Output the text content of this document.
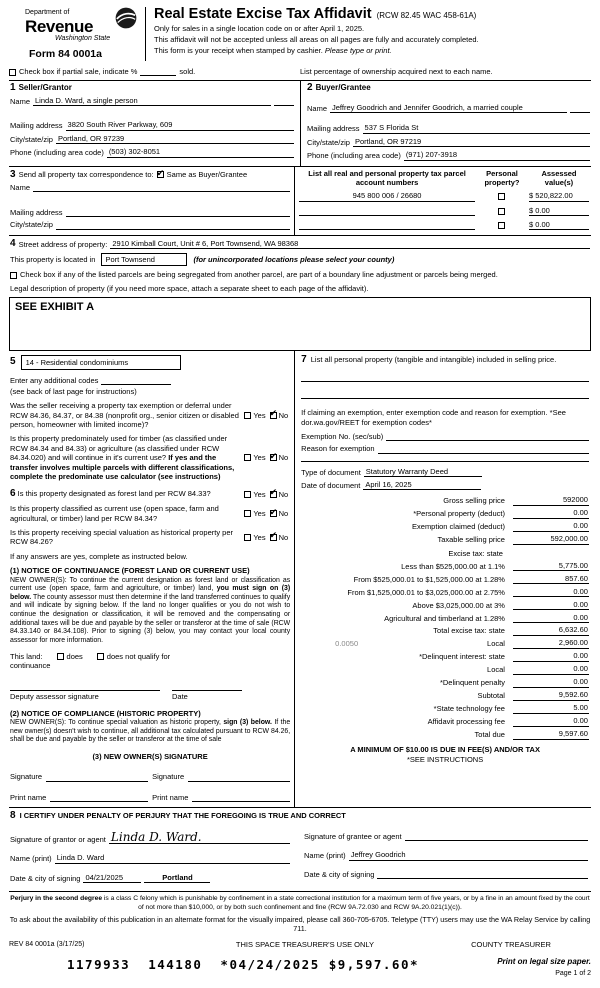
Department of
Revenue
Washington State
Form 84 0001a
Real Estate Excise Tax Affidavit (RCW 82.45 WAC 458-61A)
Only for sales in a single location code on or after April 1, 2025.
This affidavit will not be accepted unless all areas on all pages are fully and accurately completed.
This form is your receipt when stamped by cashier. Please type or print.
Check box if partial sale, indicate %	sold.	List percentage of ownership acquired next to each name.
1 Seller/Grantor
Name Linda D. Ward, a single person
Mailing address 3820 South River Parkway, 609
City/state/zip Portland, OR 97239
Phone (including area code) (503) 302-8051
2 Buyer/Grantee
Name Jeffrey Goodrich and Jennifer Goodrich, a married couple
Mailing address 537 S Florida St
City/state/zip Portland, OR 97219
Phone (including area code) (971) 207-3918
3 Send all property tax correspondence to: ✔ Same as Buyer/Grantee
Name
Mailing address
City/state/zip
List all real and personal property tax parcel account numbers
Personal property?
Assessed value(s)
945 800 006 / 26680	$ 520,822.00
$ 0.00
$ 0.00
4 Street address of property: 2910 Kimball Court, Unit # 6, Port Townsend, WA 98368
This property is located in	Port Townsend	(for unincorporated locations please select your county)
Check box if any of the listed parcels are being segregated from another parcel, are part of a boundary line adjustment or parcels being merged.
Legal description of property (if you need more space, attach a separate sheet to each page of the affidavit).
SEE EXHIBIT A
5	14 - Residential condominiums
Enter any additional codes
(see back of last page for instructions)
Was the seller receiving a property tax exemption or deferral under RCW 84.36, 84.37, or 84.38 (nonprofit org., senior citizen or disabled person, homeowner with limited income)?
Yes ✔ No
Is this property predominately used for timber (as classified under RCW 84.34 and 84.33) or agriculture (as classified under RCW 84.34.020) and will continue in it's current use? If yes and the transfer involves multiple parcels with different classifications, complete the predominate use calculator (see instructions)
Yes ✔ No
6 Is this property designated as forest land per RCW 84.33?	Yes ✔ No
Is this property classified as current use (open space, farm and agricultural, or timber) land per RCW 84.34?
Yes ✔ No
Is this property receiving special valuation as historical property per RCW 84.26?
Yes ✔ No
If any answers are yes, complete as instructed below.
(1) NOTICE OF CONTINUANCE (FOREST LAND OR CURRENT USE)
NEW OWNER(S): To continue the current designation as forest land or classification as current use (open space, farm and agriculture, or timber) land, you must sign on (3) below. The county assessor must then determine if the land transferred continues to qualify and will indicate by signing below. If the land no longer qualifies or you do not wish to continue the designation or classification, it will be removed and the compensating or additional taxes will be due and payable by the seller or transferor at the time of sale (RCW 84.33.140 or 84.34.108). Prior to signing (3) below, you may contact your local county assessor for more information.
This land:	does	does not qualify for
continuance
Deputy assessor signature	Date
(2) NOTICE OF COMPLIANCE (HISTORIC PROPERTY)
NEW OWNER(S): To continue special valuation as historic property, sign (3) below. If the new owner(s) doesn't wish to continue, all additional tax calculated pursuant to RCW 84.26, shall be due and payable by the seller or transferor at the time of sale
(3) NEW OWNER(S) SIGNATURE
Signature	Signature
Print name	Print name
7 List all personal property (tangible and intangible) included in selling price.
If claiming an exemption, enter exemption code and reason for exemption. *See dor.wa.gov/REET for exemption codes*
Exemption No. (sec/sub)
Reason for exemption
Type of document Statutory Warranty Deed
Date of document April 16, 2025
Gross selling price	592000
*Personal property (deduct)	0.00
Exemption claimed (deduct)	0.00
Taxable selling price	592,000.00
Excise tax: state
Less than $525,000.00 at 1.1%	5,775.00
From $525,000.01 to $1,525,000.00 at 1.28%	857.60
From $1,525,000.01 to $3,025,000.00 at 2.75%	0.00
Above $3,025,000.00 at 3%	0.00
Agricultural and timberland at 1.28%	0.00
Total excise tax: state	6,632.60
0.0050	Local	2,960.00
*Delinquent interest: state	0.00
Local	0.00
*Delinquent penalty	0.00
Subtotal	9,592.60
*State technology fee	5.00
Affidavit processing fee	0.00
Total due	9,597.60
A MINIMUM OF $10.00 IS DUE IN FEE(S) AND/OR TAX
*SEE INSTRUCTIONS
8 I CERTIFY UNDER PENALTY OF PERJURY THAT THE FOREGOING IS TRUE AND CORRECT
Signature of grantor or agent Linda D. Ward.
Name (print) Linda D. Ward
Date & city of signing 04/21/2025	Portland
Signature of grantee or agent
Name (print) Jeffrey Goodrich
Date & city of signing
Perjury in the second degree is a class C felony which is punishable by confinement in a state correctional institution for a maximum term of five years, or by a fine in an amount fixed by the court of not more than $10,000, or by both such confinement and fine (RCW 9A.72.030 and RCW 9A.20.021(1)(c)).
To ask about the availability of this publication in an alternate format for the visually impaired, please call 360-705-6705. Teletype (TTY) users may use the WA Relay Service by calling 711.
REV 84 0001a (3/17/25)	THIS SPACE TREASURER'S USE ONLY	COUNTY TREASURER
1179933  144180  *04/24/2025 $9,597.60*	Print on legal size paper.
Page 1 of 2
